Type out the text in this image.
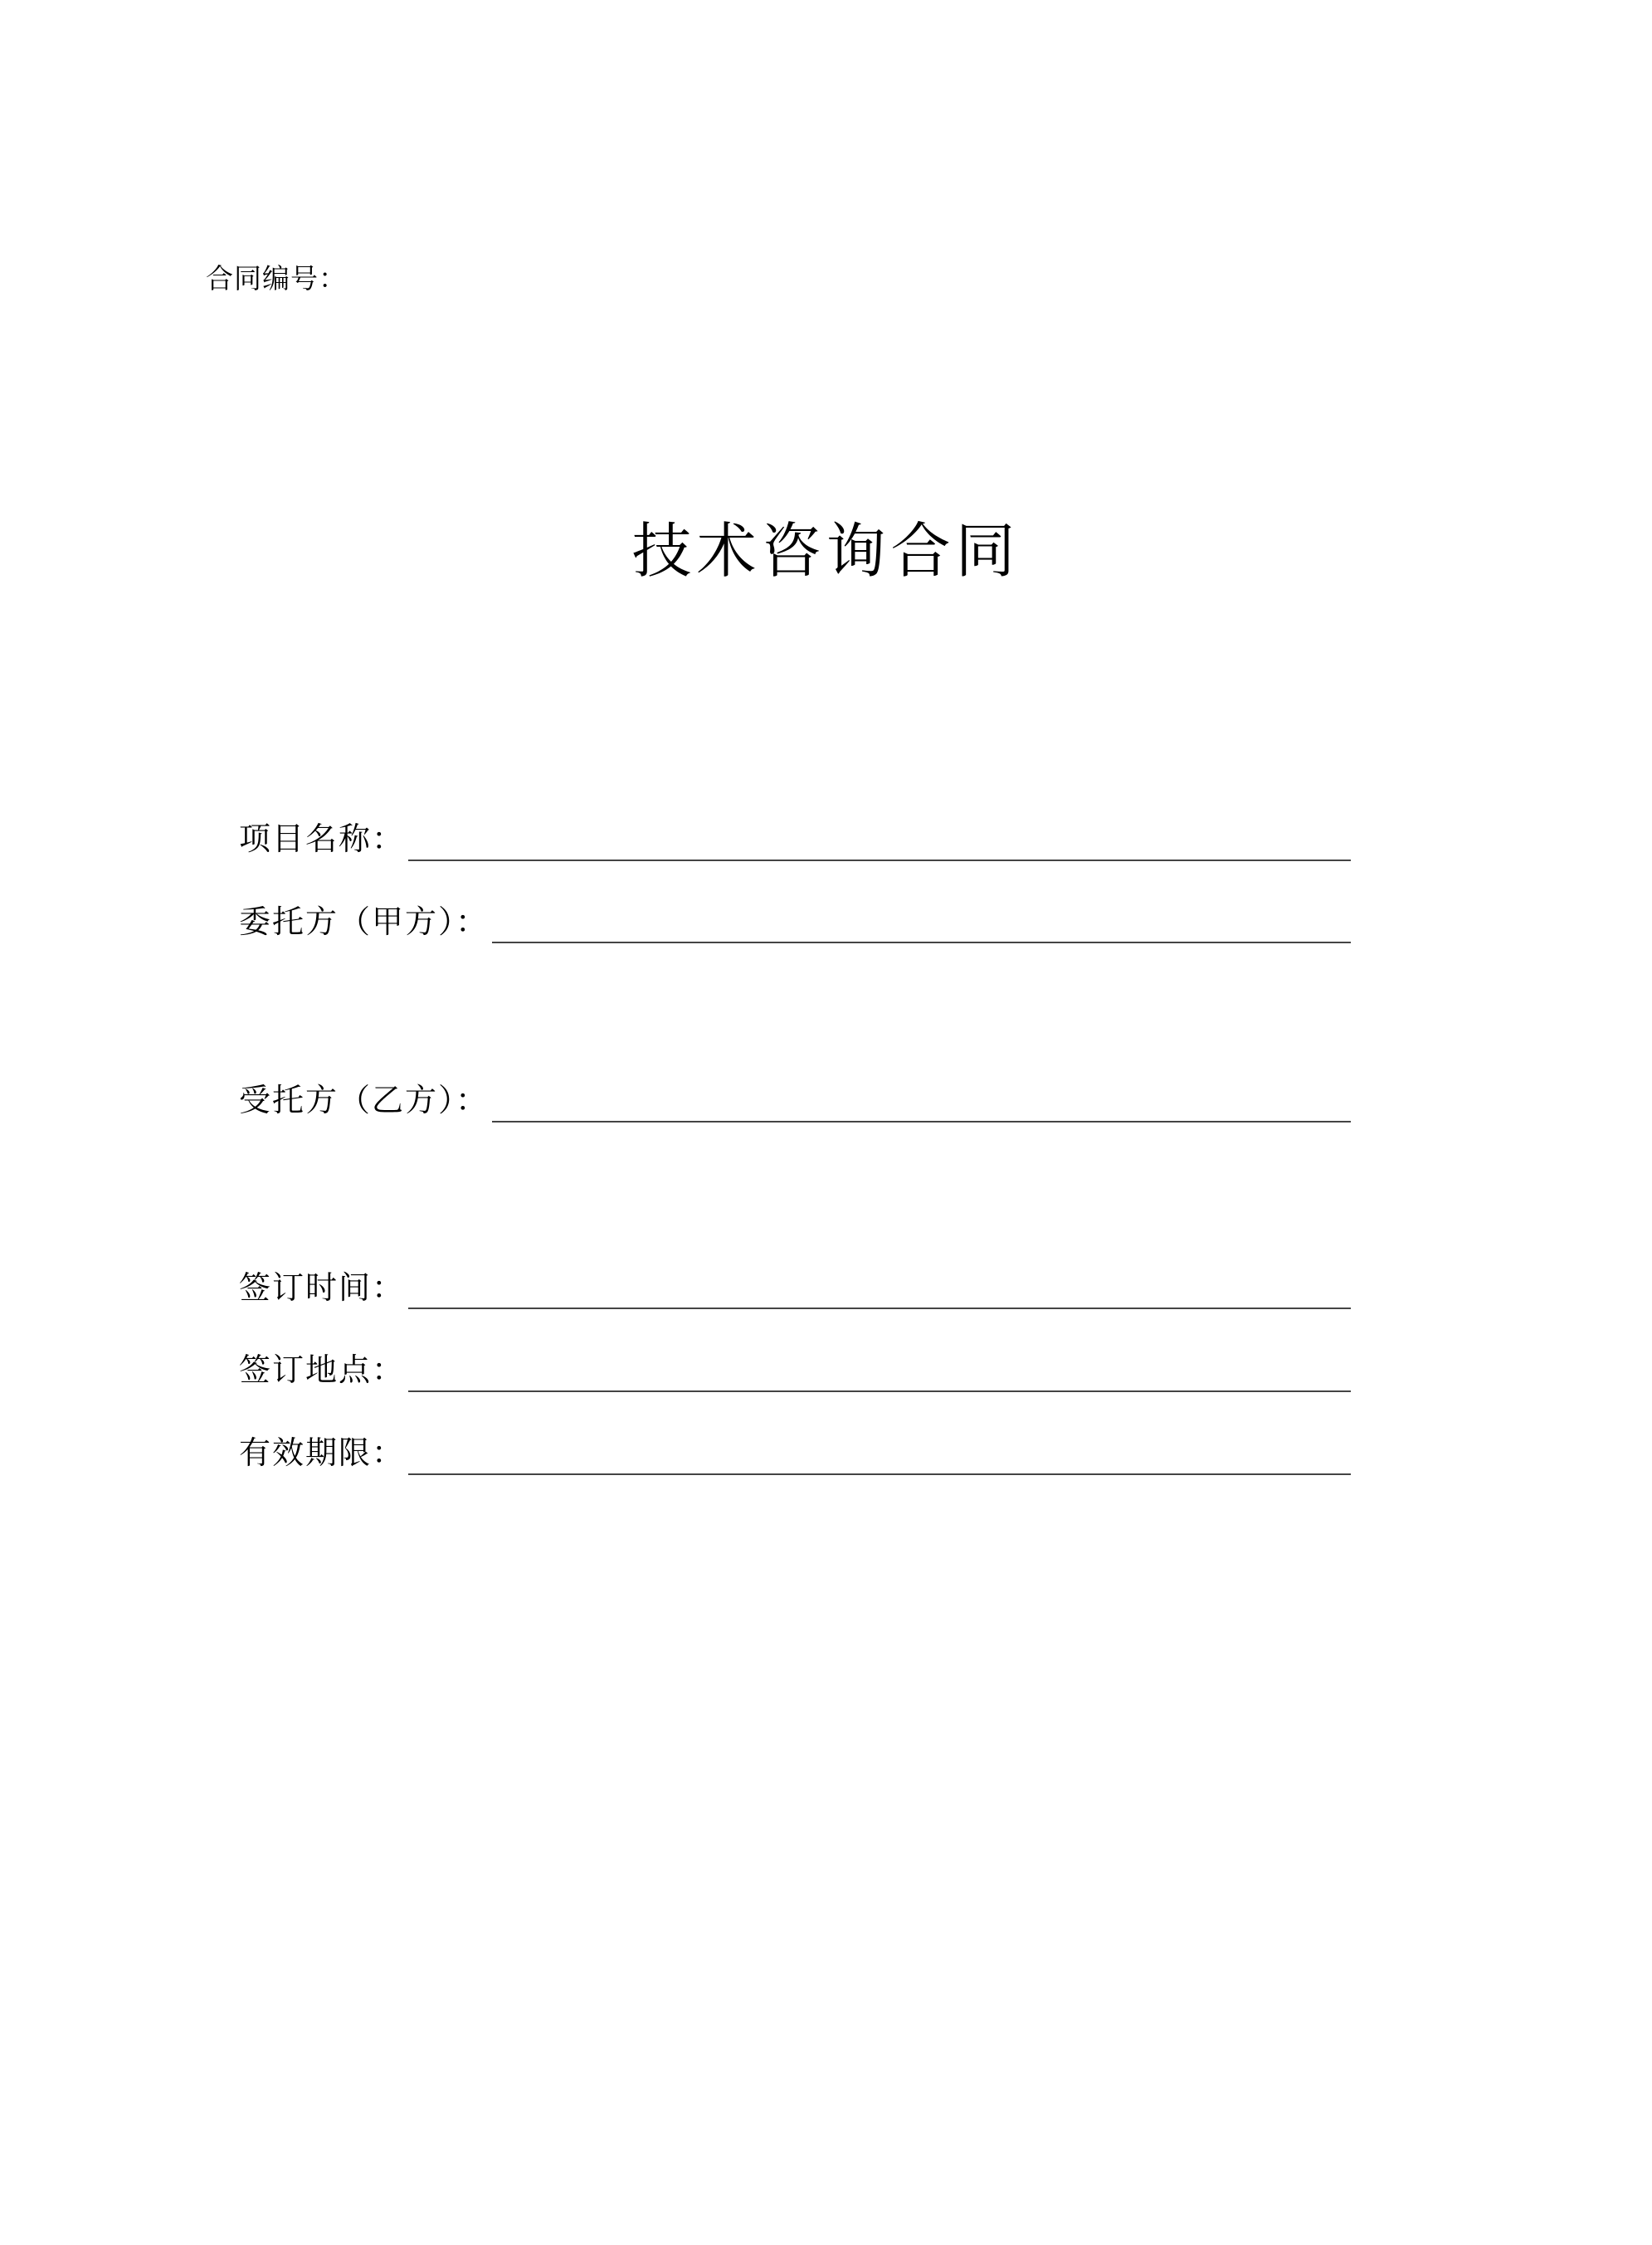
合同编号：
技术咨询合同
项目名称：
委托方（甲方）：
受托方（乙方）：
签订时间：
签订地点：
有效期限：
